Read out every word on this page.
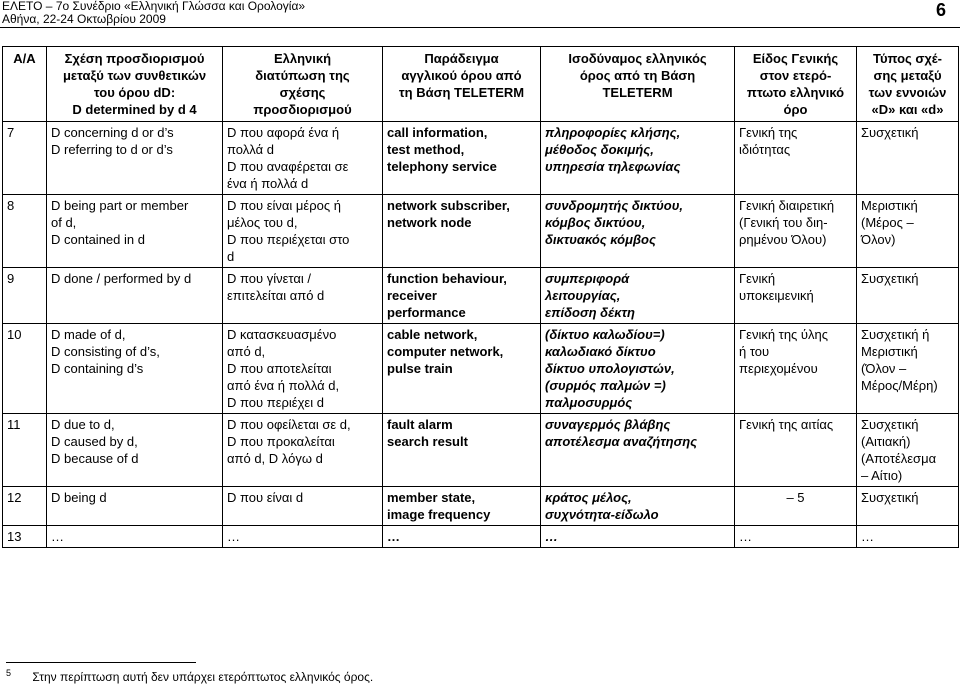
ΕΛΕΤΟ – 7ο Συνέδριο «Ελληνική Γλώσσα και Ορολογία»
Αθήνα, 22-24 Οκτωβρίου 2009	6
Α/Α	Σχέση προσδιορισμού
μεταξύ των συνθετικών
του όρου dD:
D determined by d 4	Ελληνική
διατύπωση της
σχέσης
προσδιορισμού	Παράδειγμα
αγγλικού όρου από
τη Βάση TELETERM	Ισοδύναμος ελληνικός
όρος από τη Βάση
TELETERM	Είδος Γενικής
στον ετερό-
πτωτο ελληνικό
όρο	Τύπος σχέ-
σης μεταξύ
των εννοιών
«D» και «d»

7	D concerning d or d’s
D referring to d or d’s	D που αφορά ένα ή
πολλά d
D που αναφέρεται σε
ένα ή πολλά d	call information,
test method,
telephony service	πληροφορίες κλήσης,
μέθοδος δοκιμής,
υπηρεσία τηλεφωνίας	Γενική της
ιδιότητας	Συσχετική

8	D being part or member
of d,
D contained in d	D που είναι μέρος ή
μέλος του d,
D που περιέχεται στο
d	network subscriber,
network node	συνδρομητής δικτύου,
κόμβος δικτύου,
δικτυακός κόμβος	Γενική διαιρετική
(Γενική του διη-
ρημένου Όλου)	Μεριστική
(Μέρος –
Όλον)

9	D done / performed by d	D που γίνεται /
επιτελείται από d	function behaviour,
receiver
performance	συμπεριφορά
λειτουργίας,
επίδοση δέκτη	Γενική
υποκειμενική	Συσχετική

10	D made of d,
D consisting of d’s,
D containing d’s	D κατασκευασμένο
από d,
D που αποτελείται
από ένα ή πολλά d,
D που περιέχει d	cable network,
computer network,
pulse train	(δίκτυο καλωδίου=)
καλωδιακό δίκτυο
δίκτυο υπολογιστών,
(συρμός παλμών =)
παλμοσυρμός	Γενική της ύλης
ή του
περιεχομένου	Συσχετική ή
Μεριστική
(Όλον –
Μέρος/Μέρη)

11	D due to d,
D caused by d,
D because of d	D που οφείλεται σε d,
D που προκαλείται
από d, D λόγω d	fault alarm
search result	συναγερμός βλάβης
αποτέλεσμα αναζήτησης	Γενική της αιτίας	Συσχετική
(Αιτιακή)
(Αποτέλεσμα
– Αίτιο)

12	D being d	D που είναι d	member state,
image frequency	κράτος μέλος,
συχνότητα-είδωλο	– 5	Συσχετική

13	…	…	…	…	…	…
$^5$ Στην περίπτωση αυτή δεν υπάρχει ετερόπτωτος ελληνικός όρος.
